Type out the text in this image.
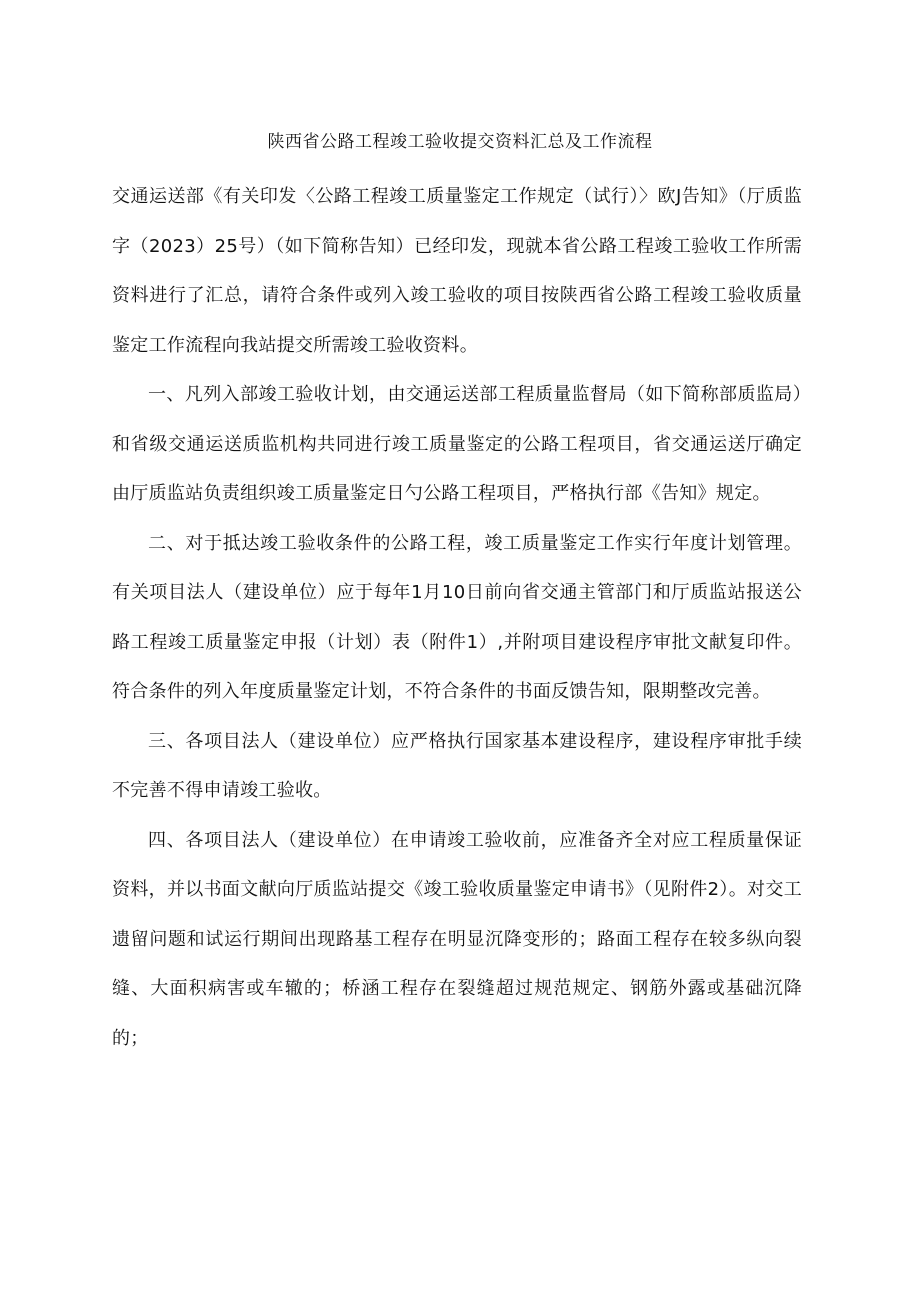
陕西省公路工程竣工验收提交资料汇总及工作流程

交通运送部《有关印发〈公路工程竣工质量鉴定工作规定（试行）〉欧J告知》（厅质监字（2023）25号）（如下简称告知）已经印发，现就本省公路工程竣工验收工作所需资料进行了汇总，请符合条件或列入竣工验收的项目按陕西省公路工程竣工验收质量鉴定工作流程向我站提交所需竣工验收资料。

一、凡列入部竣工验收计划，由交通运送部工程质量监督局（如下简称部质监局）和省级交通运送质监机构共同进行竣工质量鉴定的公路工程项目，省交通运送厅确定由厅质监站负责组织竣工质量鉴定日勺公路工程项目，严格执行部《告知》规定。

二、对于抵达竣工验收条件的公路工程，竣工质量鉴定工作实行年度计划管理。有关项目法人（建设单位）应于每年1月10日前向省交通主管部门和厅质监站报送公路工程竣工质量鉴定申报（计划）表（附件1）,并附项目建设程序审批文献复印件。符合条件的列入年度质量鉴定计划，不符合条件的书面反馈告知，限期整改完善。

三、各项目法人（建设单位）应严格执行国家基本建设程序，建设程序审批手续不完善不得申请竣工验收。

四、各项目法人（建设单位）在申请竣工验收前，应准备齐全对应工程质量保证资料，并以书面文献向厅质监站提交《竣工验收质量鉴定申请书》（见附件2）。对交工遗留问题和试运行期间出现路基工程存在明显沉降变形的；路面工程存在较多纵向裂缝、大面积病害或车辙的；桥涵工程存在裂缝超过规范规定、钢筋外露或基础沉降的；
